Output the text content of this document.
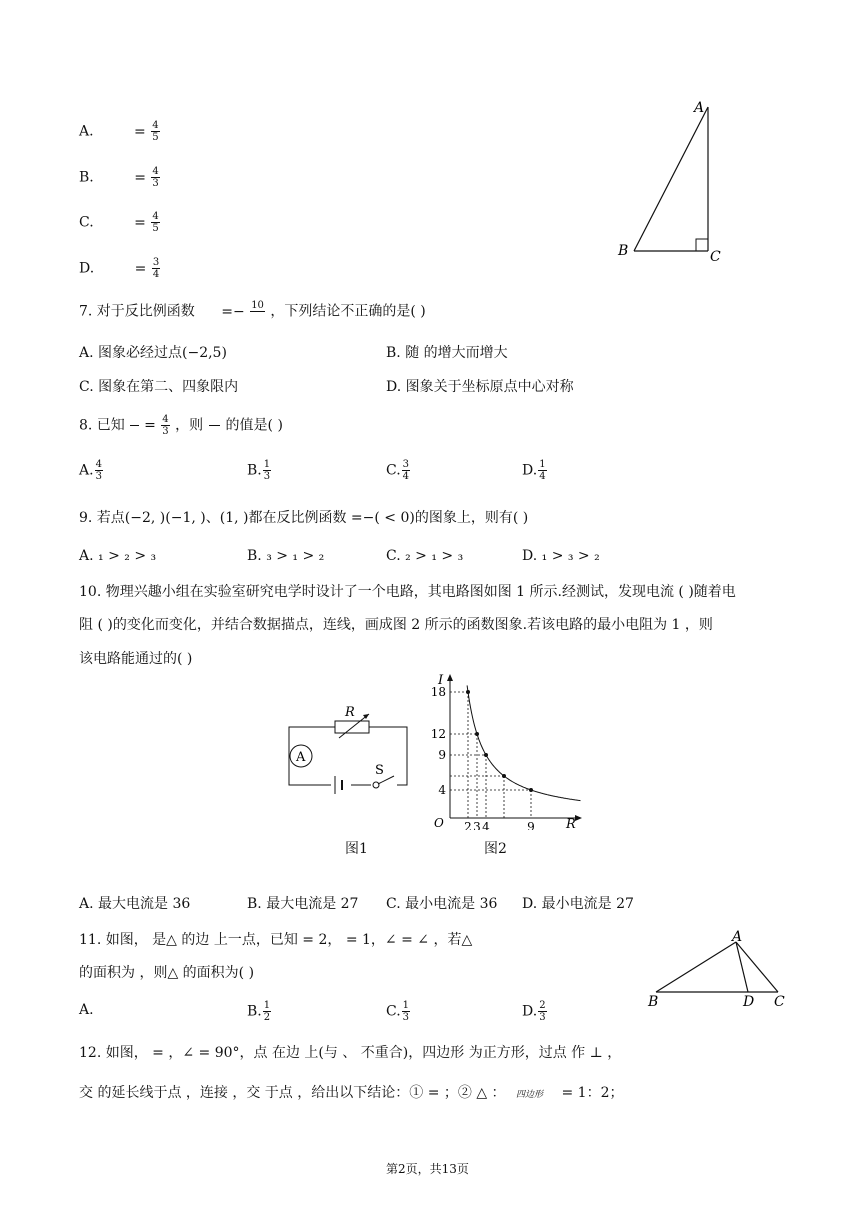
A.	= $\frac{4}{5}$
B.	= $\frac{4}{3}$
C.	= $\frac{4}{5}$
D.	= $\frac{3}{4}$
A
B	C
7. 对于反比例函数 =− 10
，下列结论不正确的是( )
A. 图象必经过点(−2,5)	B. 随 的增大而增大
C. 图象在第二、四象限内	D. 图象关于坐标原点中心对称
8. 已知

= $\frac{4}{3}$ ，则

的值是( )
A. $\frac{4}{3}$	B. $\frac{1}{3}$	C. $\frac{3}{4}$	D. $\frac{1}{4}$
9. 若点(−2, )(−1, )、(1, )都在反比例函数 =−( < 0)的图象上，则有( )
A. ₁ > ₂ > ₃	B. ₃ > ₁ > ₂	C. ₂ > ₁ > ₃	D. ₁ > ₃ > ₂
10. 物理兴趣小组在实验室研究电学时设计了一个电路，其电路图如图 1 所示.经测试，发现电流 ( )随着电
阻 ( )的变化而变化，并结合数据描点，连线，画成图 2 所示的函数图象.若该电路的最小电阻为 1 ，则
该电路能通过的( )
A
R
S
4
9
12
18
2 3 4	9
I
R
O
图1	图2
A. 最大电流是 36	B. 最大电流是 27 C. 最小电流是 36 D. 最小电流是 27
11. 如图， 是△ 的边 上一点，已知 = 2， = 1，∠ = ∠ ，若△
的面积为 ，则△ 的面积为( )
A.	B. $\frac{1}{2}$	C. $\frac{1}{3}$	D. $\frac{2}{3}$
A
B	C
D
12. 如图， = ，∠ = 90°，点 在边 上(与 、 不重合)，四边形 为正方形，过点 作 ⊥ ，
交 的延长线于点 ，连接 ，交 于点 ，给出以下结论：① = ；② △ ： 四边形 = 1：2；
第2页，共13页
